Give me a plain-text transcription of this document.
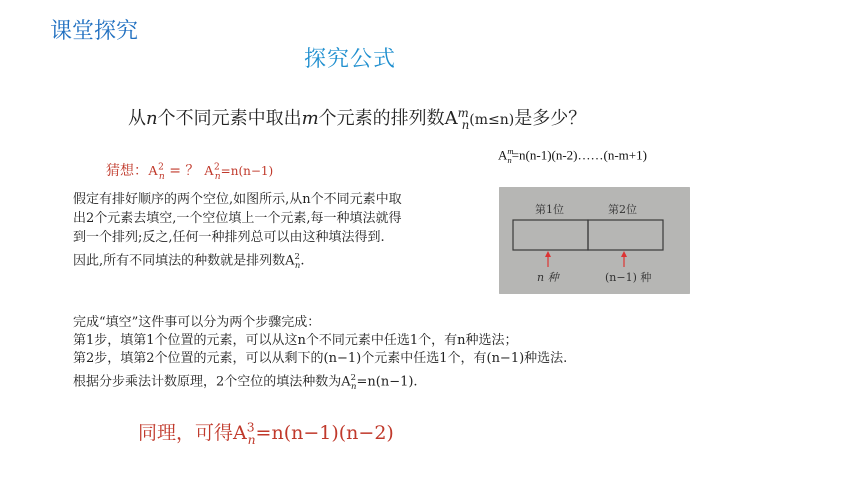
课堂探究
探究公式
从n个不同元素中取出m个元素的排列数$A^m_n(m\le n)$是多少？
$A^m_n=n(n-1)(n-2)\dots\dots(n-m+1)$
猜想：$A^2_n$ = ？ $A^2_n=n(n-1)$

假定有排好顺序的两个空位,如图所示,从n个不同元素中取

出2个元素去填空,一个空位填上一个元素,每一种填法就得

到一个排列;反之,任何一种排列总可以由这种填法得到.

因此,所有不同填法的种数就是排列数$A^2_n$.

第1位	第2位
n 种	(n−1) 种

完成“填空”这件事可以分为两个步骤完成：

第1步，填第1个位置的元素，可以从这n个不同元素中任选1个，有n种选法；

第2步，填第2个位置的元素，可以从剩下的(n−1)个元素中任选1个，有(n−1)种选法.

根据分步乘法计数原理，2个空位的填法种数为$A^2_n=n(n-1)$.

同理，可得$A^3_n=n(n-1)(n-2)$
